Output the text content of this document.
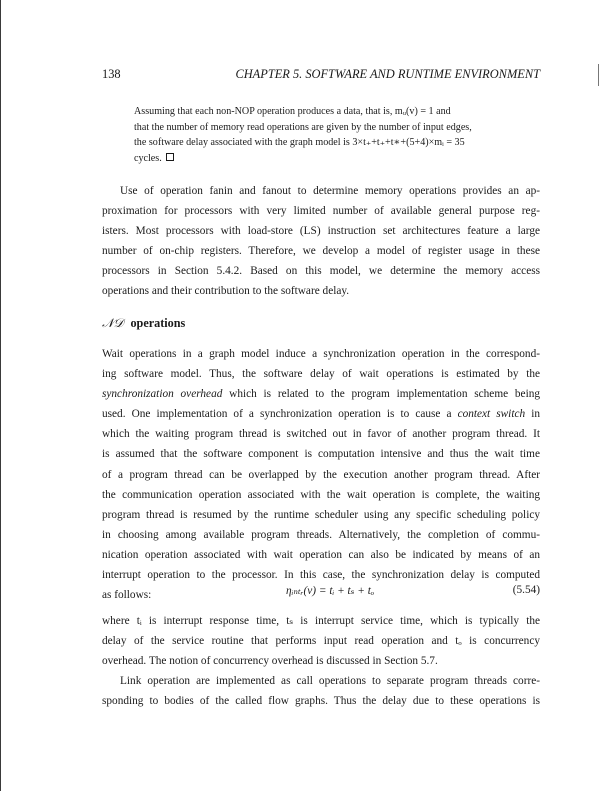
138	CHAPTER 5. SOFTWARE AND RUNTIME ENVIRONMENT
Assuming that each non-NOP operation produces a data, that is, mᵤ(v) = 1 and
that the number of memory read operations are given by the number of input edges,
the software delay associated with the graph model is 3×t₊+t₊+t∗+(5+4)×mᵢ = 35
cycles.
Use of operation fanin and fanout to determine memory operations provides an ap-
proximation for processors with very limited number of available general purpose reg-
isters. Most processors with load-store (LS) instruction set architectures feature a large
number of on-chip registers. Therefore, we develop a model of register usage in these
processors in Section 5.4.2. Based on this model, we determine the memory access
operations and their contribution to the software delay.
𝒩𝒟 operations
Wait operations in a graph model induce a synchronization operation in the correspond-
ing software model. Thus, the software delay of wait operations is estimated by the
synchronization overhead which is related to the program implementation scheme being
used. One implementation of a synchronization operation is to cause a context switch in
which the waiting program thread is switched out in favor of another program thread. It
is assumed that the software component is computation intensive and thus the wait time
of a program thread can be overlapped by the execution another program thread. After
the communication operation associated with the wait operation is complete, the waiting
program thread is resumed by the runtime scheduler using any specific scheduling policy
in choosing among available program threads. Alternatively, the completion of commu-
nication operation associated with wait operation can also be indicated by means of an
interrupt operation to the processor. In this case, the synchronization delay is computed
as follows:	ηᵢₙₜᵣ(v) = tᵢ + tₛ + tₒ	(5.54)
where tᵢ is interrupt response time, tₛ is interrupt service time, which is typically the
delay of the service routine that performs input read operation and tₒ is concurrency
overhead. The notion of concurrency overhead is discussed in Section 5.7.
Link operation are implemented as call operations to separate program threads corre-
sponding to bodies of the called flow graphs. Thus the delay due to these operations is
